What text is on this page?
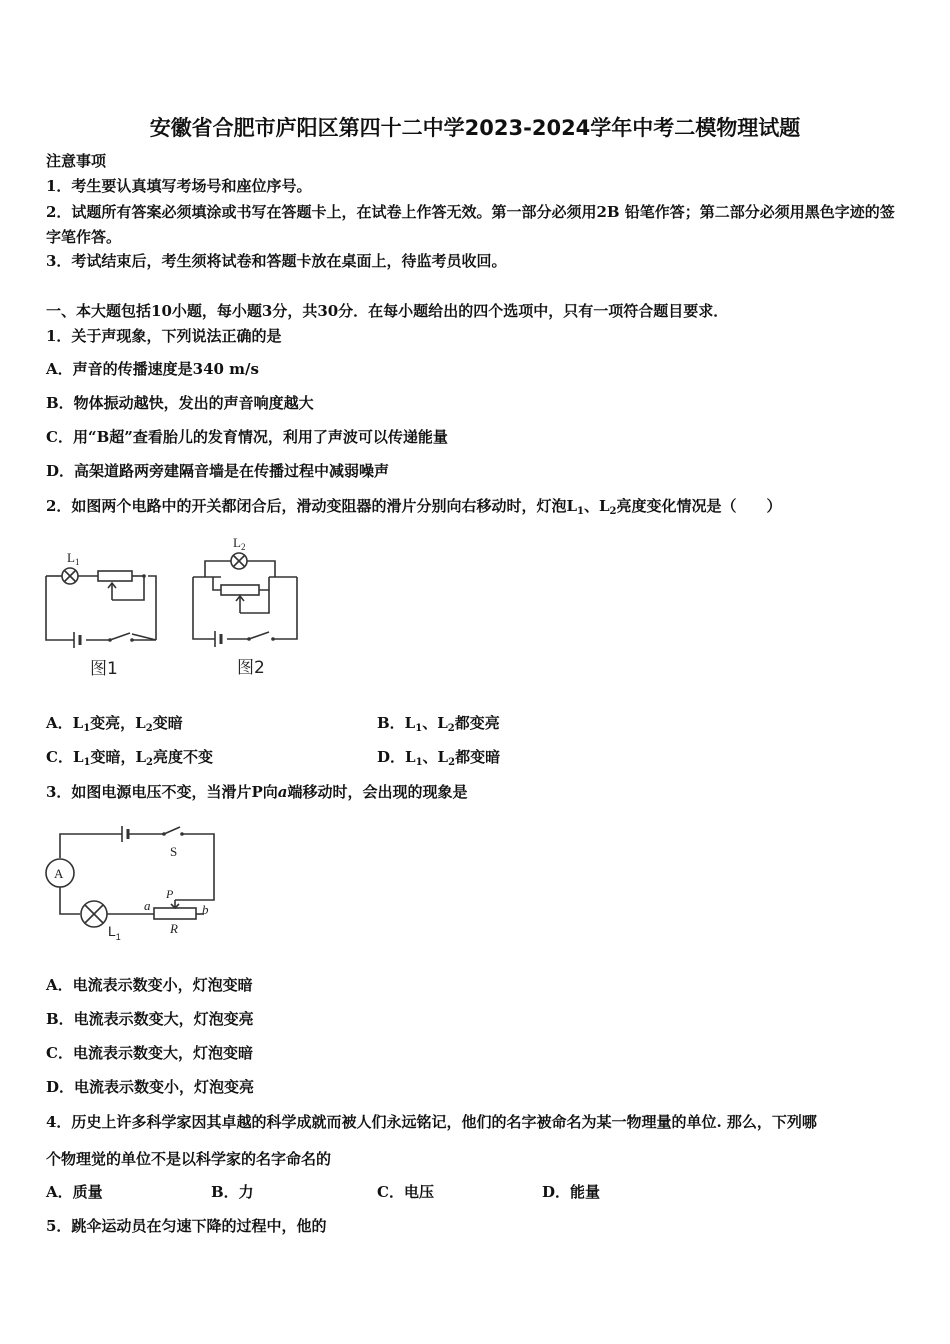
安徽省合肥市庐阳区第四十二中学2023-2024学年中考二模物理试题
注意事项
1．考生要认真填写考场号和座位序号。
2．试题所有答案必须填涂或书写在答题卡上，在试卷上作答无效。第一部分必须用2B 铅笔作答；第二部分必须用黑色字迹的签字笔作答。
3．考试结束后，考生须将试卷和答题卡放在桌面上，待监考员收回。
一、本大题包括10小题，每小题3分，共30分．在每小题给出的四个选项中，只有一项符合题目要求．
1．关于声现象，下列说法正确的是
A．声音的传播速度是340 m/s
B．物体振动越快，发出的声音响度越大
C．用“B超”查看胎儿的发育情况，利用了声波可以传递能量
D．高架道路两旁建隔音墙是在传播过程中减弱噪声
2．如图两个电路中的开关都闭合后，滑动变阻器的滑片分别向右移动时，灯泡$L_1$、$L_2$亮度变化情况是（　　）
$L_1$
图1
$L_2$
图2
A．$L_1$变亮，$L_2$变暗	B．$L_1$、$L_2$都变亮
C．$L_1$变暗，$L_2$亮度不变	D．$L_1$、$L_2$都变暗
3．如图电源电压不变，当滑片P向a端移动时，会出现的现象是
A
S
$L_1$
a	b
P
R
A．电流表示数变小，灯泡变暗
B．电流表示数变大，灯泡变亮
C．电流表示数变大，灯泡变暗
D．电流表示数变小，灯泡变亮
4．历史上许多科学家因其卓越的科学成就而被人们永远铭记，他们的名字被命名为某一物理量的单位. 那么，下列哪
个物理觉的单位不是以科学家的名字命名的
A．质量	B．力	C．电压	D．能量
5．跳伞运动员在匀速下降的过程中，他的
